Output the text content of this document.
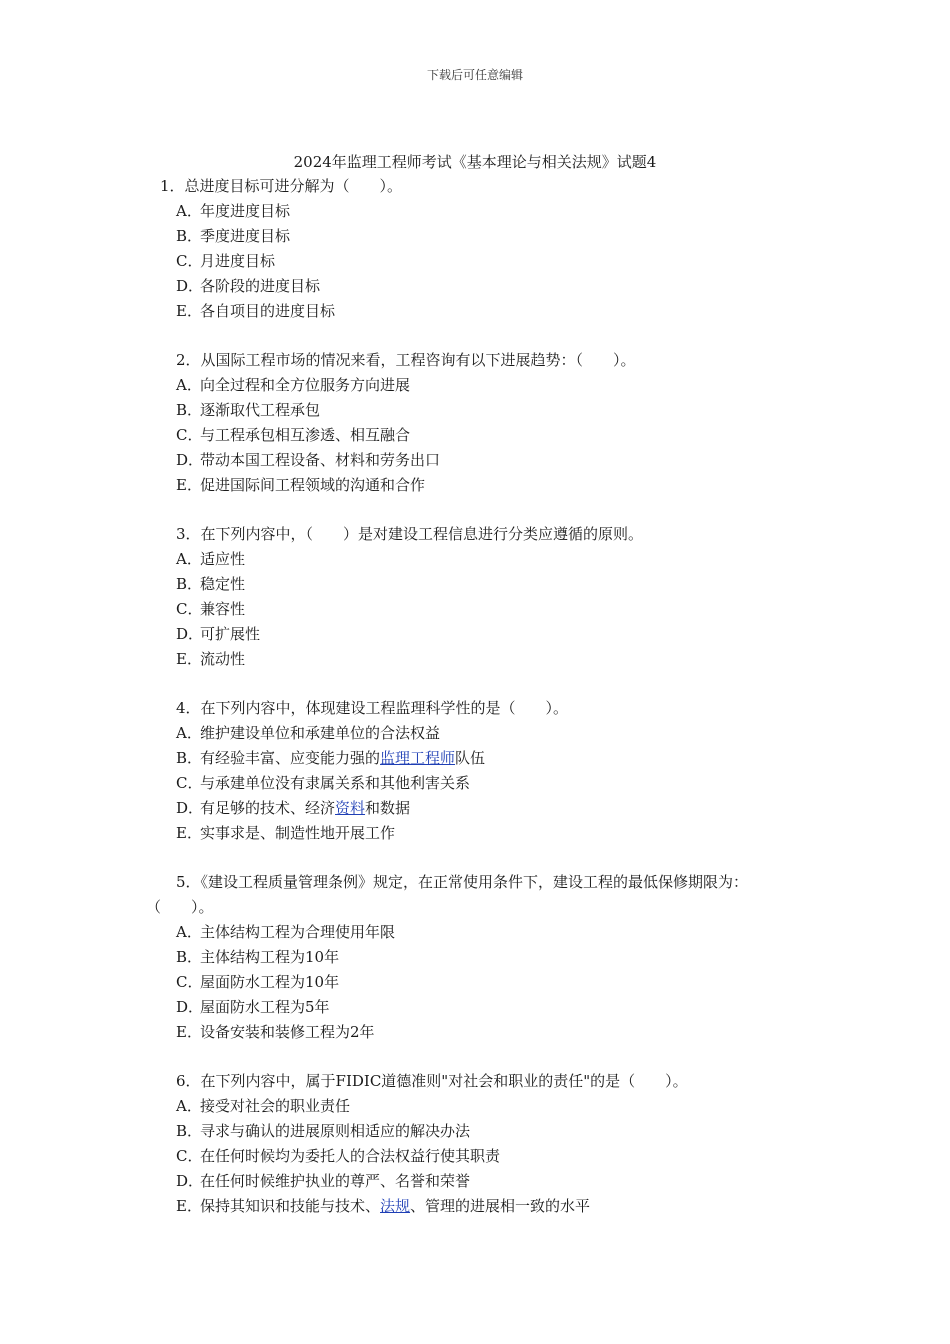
下载后可任意编辑
2024年监理工程师考试《基本理论与相关法规》试题4

1．总进度目标可进分解为（　　）。

A．年度进度目标
B．季度进度目标
C．月进度目标
D．各阶段的进度目标
E．各自项目的进度目标

2．从国际工程市场的情况来看，工程咨询有以下进展趋势：（　　）。

A．向全过程和全方位服务方向进展
B．逐渐取代工程承包
C．与工程承包相互渗透、相互融合
D．带动本国工程设备、材料和劳务出口
E．促进国际间工程领域的沟通和合作

3．在下列内容中，（　　）是对建设工程信息进行分类应遵循的原则。

A．适应性
B．稳定性
C．兼容性
D．可扩展性
E．流动性

4．在下列内容中，体现建设工程监理科学性的是（　　）。

A．维护建设单位和承建单位的合法权益
B．有经验丰富、应变能力强的监理工程师队伍
C．与承建单位没有隶属关系和其他利害关系
D．有足够的技术、经济资料和数据
E．实事求是、制造性地开展工作

5．《建设工程质量管理条例》规定，在正常使用条件下，建设工程的最低保修期限为：（　　）。

A．主体结构工程为合理使用年限
B．主体结构工程为10年
C．屋面防水工程为10年
D．屋面防水工程为5年
E．设备安装和装修工程为2年

6．在下列内容中，属于FIDIC道德准则"对社会和职业的责任"的是（　　）。

A．接受对社会的职业责任
B．寻求与确认的进展原则相适应的解决办法
C．在任何时候均为委托人的合法权益行使其职责
D．在任何时候维护执业的尊严、名誉和荣誉
E．保持其知识和技能与技术、法规、管理的进展相一致的水平
